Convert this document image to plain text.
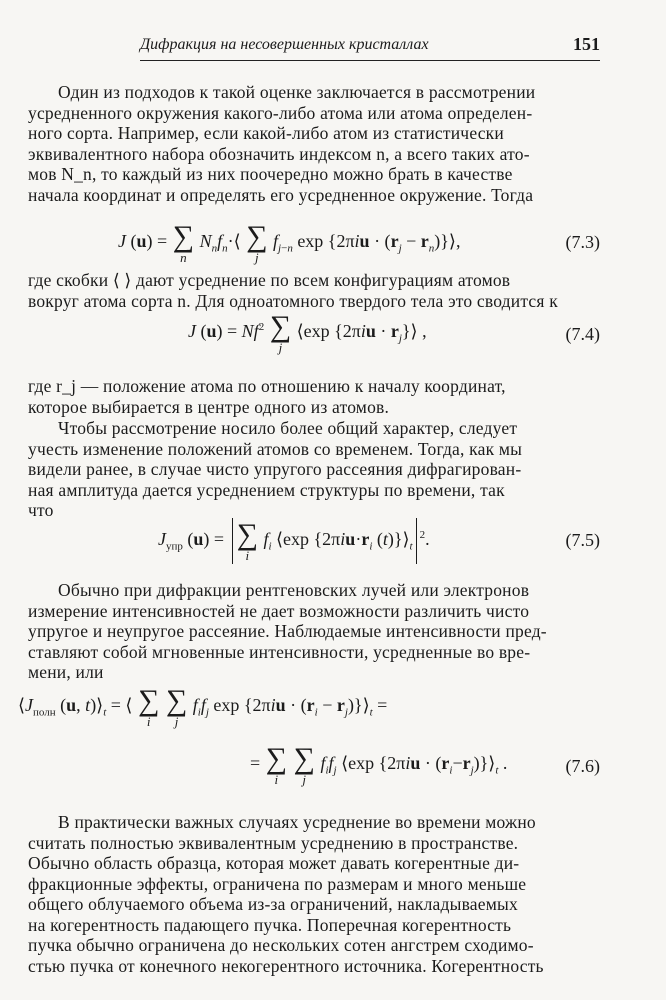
Дифракция на несовершенных кристаллах	151
Один из подходов к такой оценке заключается в рассмотрении
усредненного окружения какого-либо атома или атома определен-
ного сорта. Например, если какой-либо атом из статистически
эквивалентного набора обозначить индексом n, а всего таких ато-
мов N_n, то каждый из них поочередно можно брать в качестве
начала координат и определять его усредненное окружение. Тогда
J (u) = ∑
n
$N_nf_n\cdot⟨$ ∑
j
$f_{j-n}$ $\exp \{2\pi iu \cdot (r_j$ − $r_n)\}⟩$,	(7.3)
где скобки ⟨ ⟩ дают усреднение по всем конфигурациям атомов
вокруг атома сорта n. Для одноатомного твердого тела это сводится к
J $(u) = Nf^2$ ∑
j
⟨exp $\{2\pi iu \cdot r_j\}⟩$ ,	(7.4)
где r_j — положение атома по отношению к началу координат,
которое выбирается в центре одного из атомов.
Чтобы рассмотрение носило более общий характер, следует
учесть изменение положений атомов со временем. Тогда, как мы
видели ранее, в случае чисто упругого рассеяния дифрагирован-
ная амплитуда дается усреднением структуры по времени, так
что
$J_{упр}$ (u) = ∑
i
$f_i$ ⟨exp {$2\pi iu\cdot r_i$ $(t)\}⟩_t^2$.	(7.5)
Обычно при дифракции рентгеновских лучей или электронов
измерение интенсивностей не дает возможности различить чисто
упругое и неупругое рассеяние. Наблюдаемые интенсивности пред-
ставляют собой мгновенные интенсивности, усредненные во вре-
мени, или
$⟨J_{полн}$ (u, $t)⟩_t$ = ⟨ ∑
i

∑
j
$f_if_j$ $\exp \{2\pi iu \cdot (r_i$ − $r_j)\}⟩_t$ =
= ∑
i

∑
j
$f_if_j$ ⟨exp $\{2\pi iu \cdot (r_i-r_j)\}⟩_t$ .	(7.6)
В практически важных случаях усреднение во времени можно
считать полностью эквивалентным усреднению в пространстве.
Обычно область образца, которая может давать когерентные ди-
фракционные эффекты, ограничена по размерам и много меньше
общего облучаемого объема из-за ограничений, накладываемых
на когерентность падающего пучка. Поперечная когерентность
пучка обычно ограничена до нескольких сотен ангстрем сходимо-
стью пучка от конечного некогерентного источника. Когерентность
